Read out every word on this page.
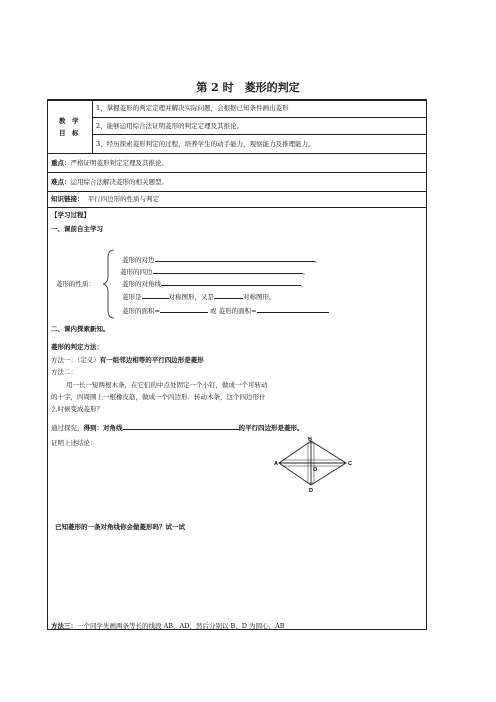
第 2 时　菱形的判定
教　学
目　标
1、掌握菱形的判定定理并解决实际问题，会根据已知条件画出菱形
2、能够运用综合法证明菱形的判定定理及其推论。
3、经历探索菱形判定的过程，培养学生的动手能力、观察能力及推理能力。
重点：严格证明菱形判定定理及其推论。
难点：运用综合法解决菱形的相关题型。
知识链接： 平行四边形的性质与判定
【学习过程】
一、课前自主学习
菱形的性质：
菱形的对边	。
菱形的四边	。
菱形的对角线	，
菱形是	对称图形，又是	对称图形。
菱形的面积=	或 菱形的面积=
二、课内探索新知。
菱形的判定方法：
方法一：（定义）有一组邻边相等的平行四边形是菱形
方法二：
用一长一短两根木条，在它们的中点处固定一个小钉，做成一个可转动
的十字，四周围上一根橡皮筋，做成一个四边形．转动木条，这个四边形什
么时候变成菱形？
通过探究，得到：对角线	的平行四边形是菱形。
证明上述结论：
A
B
C
D
O
已知菱形的一条对角线你会做菱形吗？试一试
方法三：一个同学先画两条等长的线段 AB、AD，然后分别以 B、D 为圆心，AB
